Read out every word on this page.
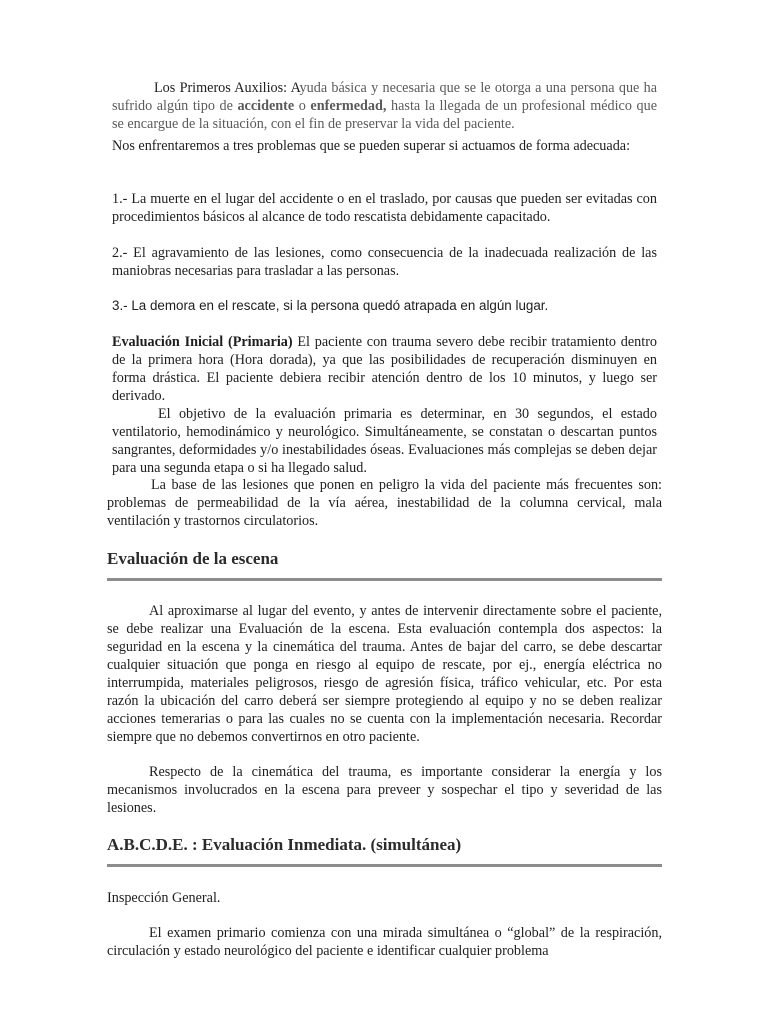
Los Primeros Auxilios: Ayuda básica y necesaria que se le otorga a una persona que ha sufrido algún tipo de accidente o enfermedad, hasta la llegada de un profesional médico que se encargue de la situación, con el fin de preservar la vida del paciente.

Nos enfrentaremos a tres problemas que se pueden superar si actuamos de forma adecuada:

1.- La muerte en el lugar del accidente o en el traslado, por causas que pueden ser evitadas con procedimientos básicos al alcance de todo rescatista debidamente capacitado.

2.- El agravamiento de las lesiones, como consecuencia de la inadecuada realización de las maniobras necesarias para trasladar a las personas.

3.- La demora en el rescate, si la persona quedó atrapada en algún lugar.

Evaluación Inicial (Primaria) El paciente con trauma severo debe recibir tratamiento dentro de la primera hora (Hora dorada), ya que las posibilidades de recuperación disminuyen en forma drástica. El paciente debiera recibir atención dentro de los 10 minutos, y luego ser derivado.

El objetivo de la evaluación primaria es determinar, en 30 segundos, el estado ventilatorio, hemodinámico y neurológico. Simultáneamente, se constatan o descartan puntos sangrantes, deformidades y/o inestabilidades óseas. Evaluaciones más complejas se deben dejar para una segunda etapa o si ha llegado salud.

La base de las lesiones que ponen en peligro la vida del paciente más frecuentes son: problemas de permeabilidad de la vía aérea, inestabilidad de la columna cervical, mala ventilación y trastornos circulatorios.

Evaluación de la escena

Al aproximarse al lugar del evento, y antes de intervenir directamente sobre el paciente, se debe realizar una Evaluación de la escena. Esta evaluación contempla dos aspectos: la seguridad en la escena y la cinemática del trauma. Antes de bajar del carro, se debe descartar cualquier situación que ponga en riesgo al equipo de rescate, por ej., energía eléctrica no interrumpida, materiales peligrosos, riesgo de agresión física, tráfico vehicular, etc. Por esta razón la ubicación del carro deberá ser siempre protegiendo al equipo y no se deben realizar acciones temerarias o para las cuales no se cuenta con la implementación necesaria. Recordar siempre que no debemos convertirnos en otro paciente.

Respecto de la cinemática del trauma, es importante considerar la energía y los mecanismos involucrados en la escena para preveer y sospechar el tipo y severidad de las lesiones.

A.B.C.D.E. : Evaluación Inmediata. (simultánea)

Inspección General.

El examen primario comienza con una mirada simultánea o “global” de la respiración, circulación y estado neurológico del paciente e identificar cualquier problema
